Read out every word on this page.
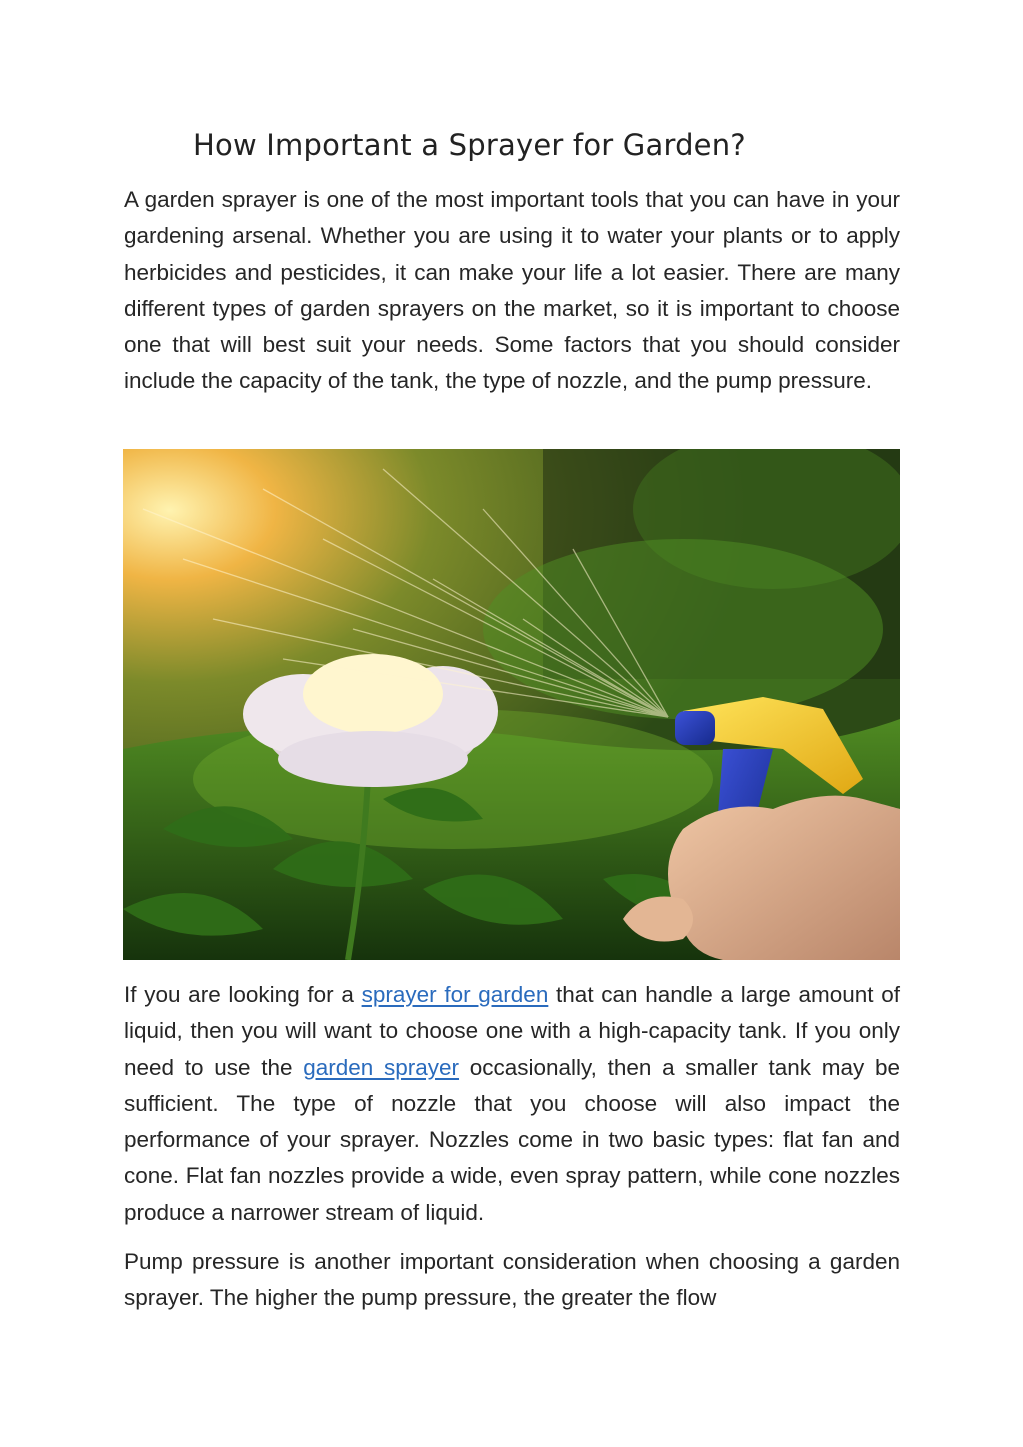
How Important a Sprayer for Garden?

A garden sprayer is one of the most important tools that you can have in your gardening arsenal. Whether you are using it to water your plants or to apply herbicides and pesticides, it can make your life a lot easier. There are many different types of garden sprayers on the market, so it is important to choose one that will best suit your needs. Some factors that you should consider include the capacity of the tank, the type of nozzle, and the pump pressure.

If you are looking for a sprayer for garden that can handle a large amount of liquid, then you will want to choose one with a high-capacity tank. If you only need to use the garden sprayer occasionally, then a smaller tank may be sufficient. The type of nozzle that you choose will also impact the performance of your sprayer. Nozzles come in two basic types: flat fan and cone. Flat fan nozzles provide a wide, even spray pattern, while cone nozzles produce a narrower stream of liquid.

Pump pressure is another important consideration when choosing a garden sprayer. The higher the pump pressure, the greater the flow
